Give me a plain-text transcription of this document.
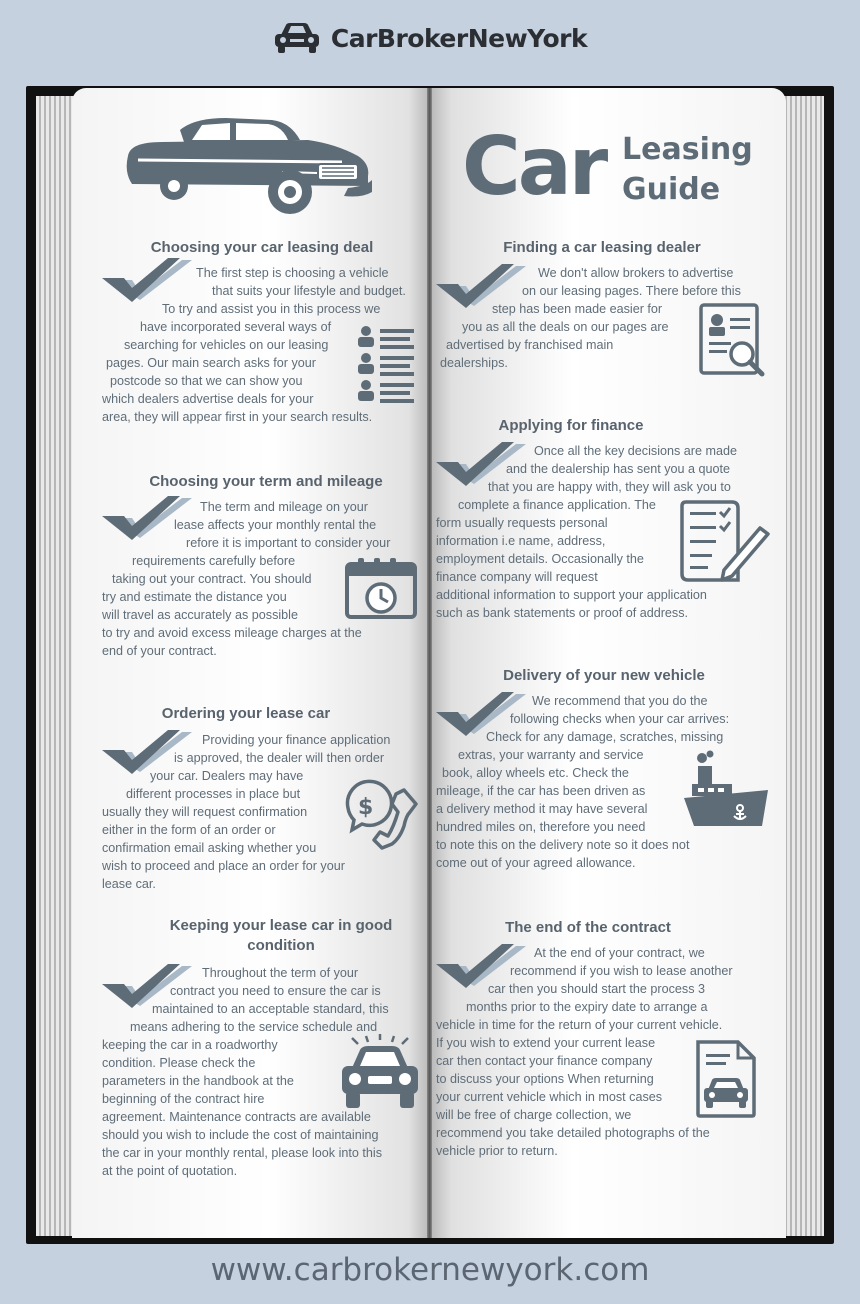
CarBrokerNewYork
Car Leasing
Guide
Choosing your car leasing deal
The first step is choosing a vehicle
that suits your lifestyle and budget.
To try and assist you in this process we
have incorporated several ways of
searching for vehicles on our leasing
pages. Our main search asks for your
postcode so that we can show you
which dealers advertise deals for your
area, they will appear first in your search results.
Choosing your term and mileage
The term and mileage on your
lease affects your monthly rental the
refore it is important to consider your
requirements carefully before
taking out your contract. You should
try and estimate the distance you
will travel as accurately as possible
to try and avoid excess mileage charges at the
end of your contract.
Ordering your lease car
Providing your finance application
is approved, the dealer will then order
your car. Dealers may have
different processes in place but
usually they will request confirmation
either in the form of an order or
confirmation email asking whether you
wish to proceed and place an order for your
lease car.
$
Keeping your lease car in good
condition
Throughout the term of your
contract you need to ensure the car is
maintained to an acceptable standard, this
means adhering to the service schedule and
keeping the car in a roadworthy
condition. Please check the
parameters in the handbook at the
beginning of the contract hire
agreement. Maintenance contracts are available
should you wish to include the cost of maintaining
the car in your monthly rental, please look into this
at the point of quotation.
Finding a car leasing dealer
We don't allow brokers to advertise
on our leasing pages. There before this
step has been made easier for
you as all the deals on our pages are
advertised by franchised main
dealerships.
Applying for finance
Once all the key decisions are made
and the dealership has sent you a quote
that you are happy with, they will ask you to
complete a finance application. The
form usually requests personal
information i.e name, address,
employment details. Occasionally the
finance company will request
additional information to support your application
such as bank statements or proof of address.
Delivery of your new vehicle
We recommend that you do the
following checks when your car arrives:
Check for any damage, scratches, missing
extras, your warranty and service
book, alloy wheels etc. Check the
mileage, if the car has been driven as
a delivery method it may have several
hundred miles on, therefore you need
to note this on the delivery note so it does not
come out of your agreed allowance.
The end of the contract
At the end of your contract, we
recommend if you wish to lease another
car then you should start the process 3
months prior to the expiry date to arrange a
vehicle in time for the return of your current vehicle.
If you wish to extend your current lease
car then contact your finance company
to discuss your options When returning
your current vehicle which in most cases
will be free of charge collection, we
recommend you take detailed photographs of the
vehicle prior to return.
www.carbrokernewyork.com
